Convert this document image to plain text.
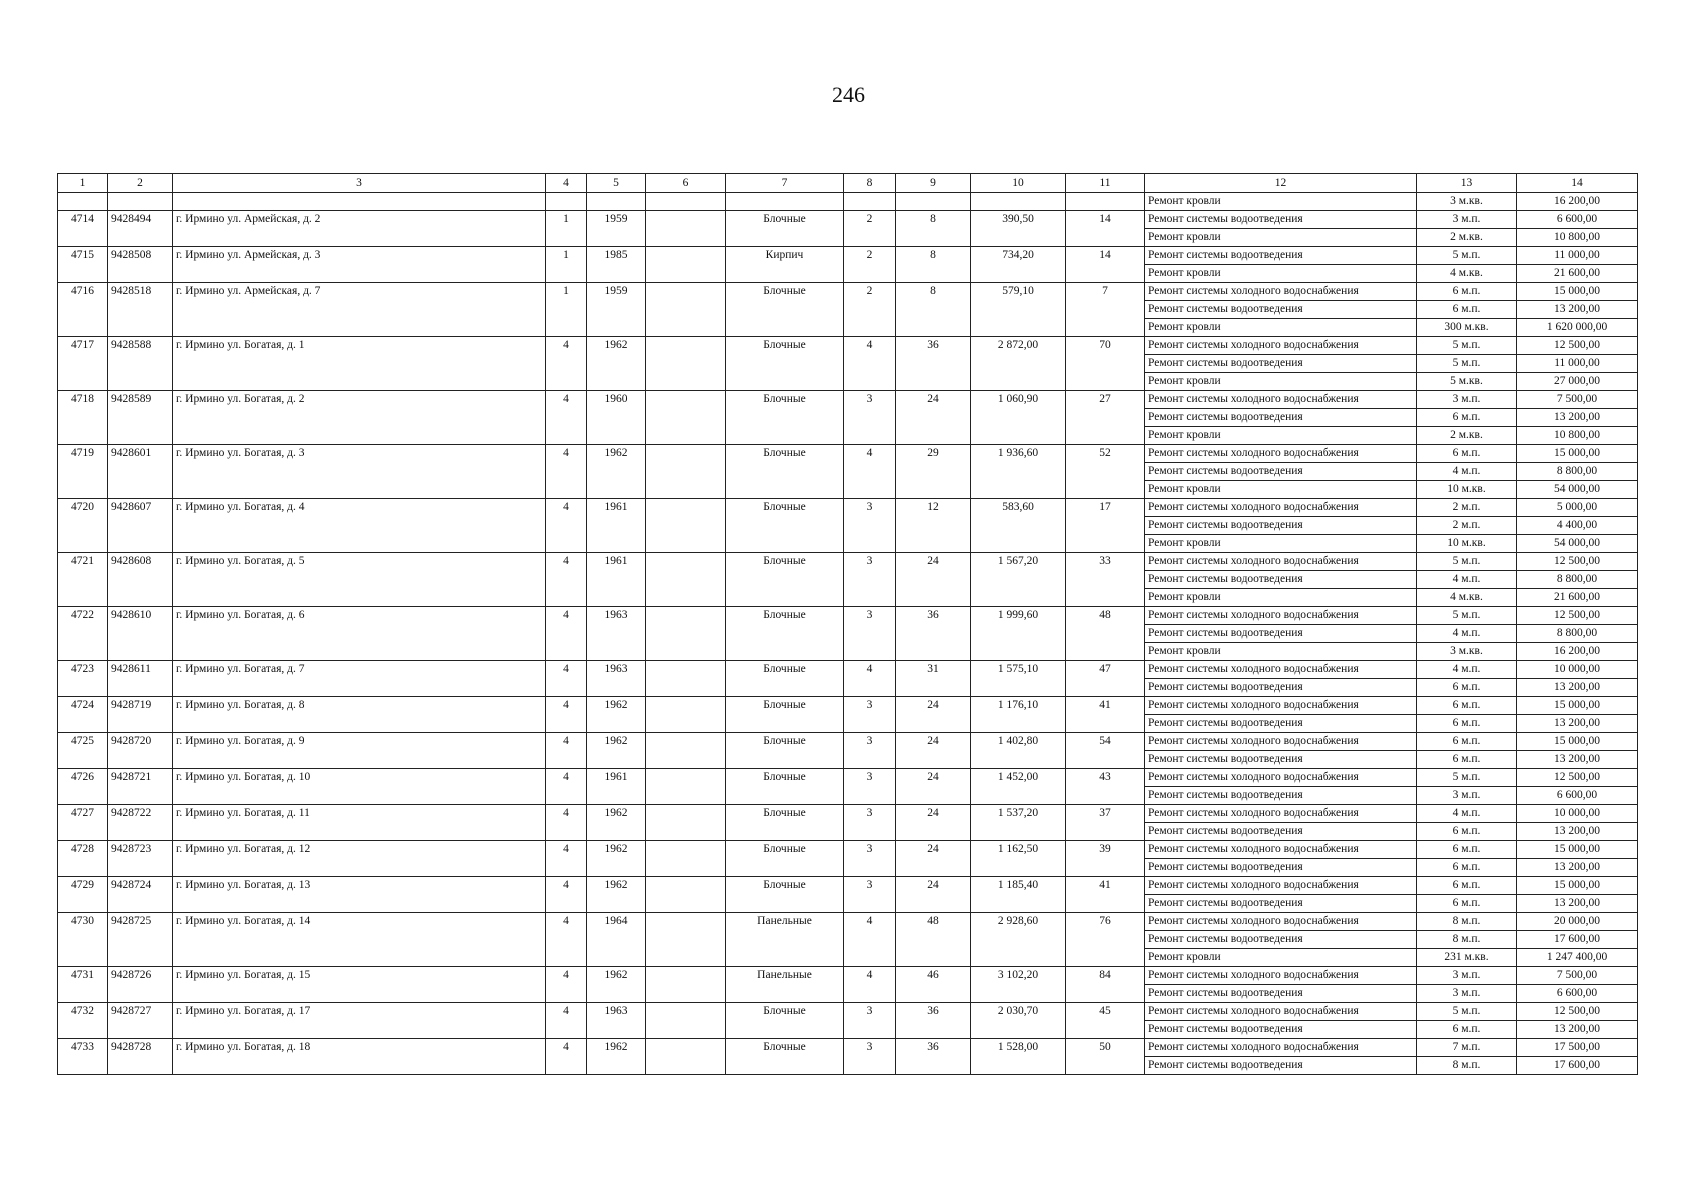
246
1	2	3	4	5	6	7	8	9	10	11	12	13	14
											Ремонт кровли	3 м.кв.	16 200,00
4714	9428494	г. Ирмино ул. Армейская, д. 2	1	1959		Блочные	2	8	390,50	14	Ремонт системы водоотведения	3 м.п.	6 600,00
											Ремонт кровли	2 м.кв.	10 800,00
4715	9428508	г. Ирмино ул. Армейская, д. 3	1	1985		Кирпич	2	8	734,20	14	Ремонт системы водоотведения	5 м.п.	11 000,00
											Ремонт кровли	4 м.кв.	21 600,00
4716	9428518	г. Ирмино ул. Армейская, д. 7	1	1959		Блочные	2	8	579,10	7	Ремонт системы холодного водоснабжения	6 м.п.	15 000,00
											Ремонт системы водоотведения	6 м.п.	13 200,00
											Ремонт кровли	300 м.кв.	1 620 000,00
4717	9428588	г. Ирмино ул. Богатая, д. 1	4	1962		Блочные	4	36	2 872,00	70	Ремонт системы холодного водоснабжения	5 м.п.	12 500,00
											Ремонт системы водоотведения	5 м.п.	11 000,00
											Ремонт кровли	5 м.кв.	27 000,00
4718	9428589	г. Ирмино ул. Богатая, д. 2	4	1960		Блочные	3	24	1 060,90	27	Ремонт системы холодного водоснабжения	3 м.п.	7 500,00
											Ремонт системы водоотведения	6 м.п.	13 200,00
											Ремонт кровли	2 м.кв.	10 800,00
4719	9428601	г. Ирмино ул. Богатая, д. 3	4	1962		Блочные	4	29	1 936,60	52	Ремонт системы холодного водоснабжения	6 м.п.	15 000,00
											Ремонт системы водоотведения	4 м.п.	8 800,00
											Ремонт кровли	10 м.кв.	54 000,00
4720	9428607	г. Ирмино ул. Богатая, д. 4	4	1961		Блочные	3	12	583,60	17	Ремонт системы холодного водоснабжения	2 м.п.	5 000,00
											Ремонт системы водоотведения	2 м.п.	4 400,00
											Ремонт кровли	10 м.кв.	54 000,00
4721	9428608	г. Ирмино ул. Богатая, д. 5	4	1961		Блочные	3	24	1 567,20	33	Ремонт системы холодного водоснабжения	5 м.п.	12 500,00
											Ремонт системы водоотведения	4 м.п.	8 800,00
											Ремонт кровли	4 м.кв.	21 600,00
4722	9428610	г. Ирмино ул. Богатая, д. 6	4	1963		Блочные	3	36	1 999,60	48	Ремонт системы холодного водоснабжения	5 м.п.	12 500,00
											Ремонт системы водоотведения	4 м.п.	8 800,00
											Ремонт кровли	3 м.кв.	16 200,00
4723	9428611	г. Ирмино ул. Богатая, д. 7	4	1963		Блочные	4	31	1 575,10	47	Ремонт системы холодного водоснабжения	4 м.п.	10 000,00
											Ремонт системы водоотведения	6 м.п.	13 200,00
4724	9428719	г. Ирмино ул. Богатая, д. 8	4	1962		Блочные	3	24	1 176,10	41	Ремонт системы холодного водоснабжения	6 м.п.	15 000,00
											Ремонт системы водоотведения	6 м.п.	13 200,00
4725	9428720	г. Ирмино ул. Богатая, д. 9	4	1962		Блочные	3	24	1 402,80	54	Ремонт системы холодного водоснабжения	6 м.п.	15 000,00
											Ремонт системы водоотведения	6 м.п.	13 200,00
4726	9428721	г. Ирмино ул. Богатая, д. 10	4	1961		Блочные	3	24	1 452,00	43	Ремонт системы холодного водоснабжения	5 м.п.	12 500,00
											Ремонт системы водоотведения	3 м.п.	6 600,00
4727	9428722	г. Ирмино ул. Богатая, д. 11	4	1962		Блочные	3	24	1 537,20	37	Ремонт системы холодного водоснабжения	4 м.п.	10 000,00
											Ремонт системы водоотведения	6 м.п.	13 200,00
4728	9428723	г. Ирмино ул. Богатая, д. 12	4	1962		Блочные	3	24	1 162,50	39	Ремонт системы холодного водоснабжения	6 м.п.	15 000,00
											Ремонт системы водоотведения	6 м.п.	13 200,00
4729	9428724	г. Ирмино ул. Богатая, д. 13	4	1962		Блочные	3	24	1 185,40	41	Ремонт системы холодного водоснабжения	6 м.п.	15 000,00
											Ремонт системы водоотведения	6 м.п.	13 200,00
4730	9428725	г. Ирмино ул. Богатая, д. 14	4	1964		Панельные	4	48	2 928,60	76	Ремонт системы холодного водоснабжения	8 м.п.	20 000,00
											Ремонт системы водоотведения	8 м.п.	17 600,00
											Ремонт кровли	231 м.кв.	1 247 400,00
4731	9428726	г. Ирмино ул. Богатая, д. 15	4	1962		Панельные	4	46	3 102,20	84	Ремонт системы холодного водоснабжения	3 м.п.	7 500,00
											Ремонт системы водоотведения	3 м.п.	6 600,00
4732	9428727	г. Ирмино ул. Богатая, д. 17	4	1963		Блочные	3	36	2 030,70	45	Ремонт системы холодного водоснабжения	5 м.п.	12 500,00
											Ремонт системы водоотведения	6 м.п.	13 200,00
4733	9428728	г. Ирмино ул. Богатая, д. 18	4	1962		Блочные	3	36	1 528,00	50	Ремонт системы холодного водоснабжения	7 м.п.	17 500,00
											Ремонт системы водоотведения	8 м.п.	17 600,00
